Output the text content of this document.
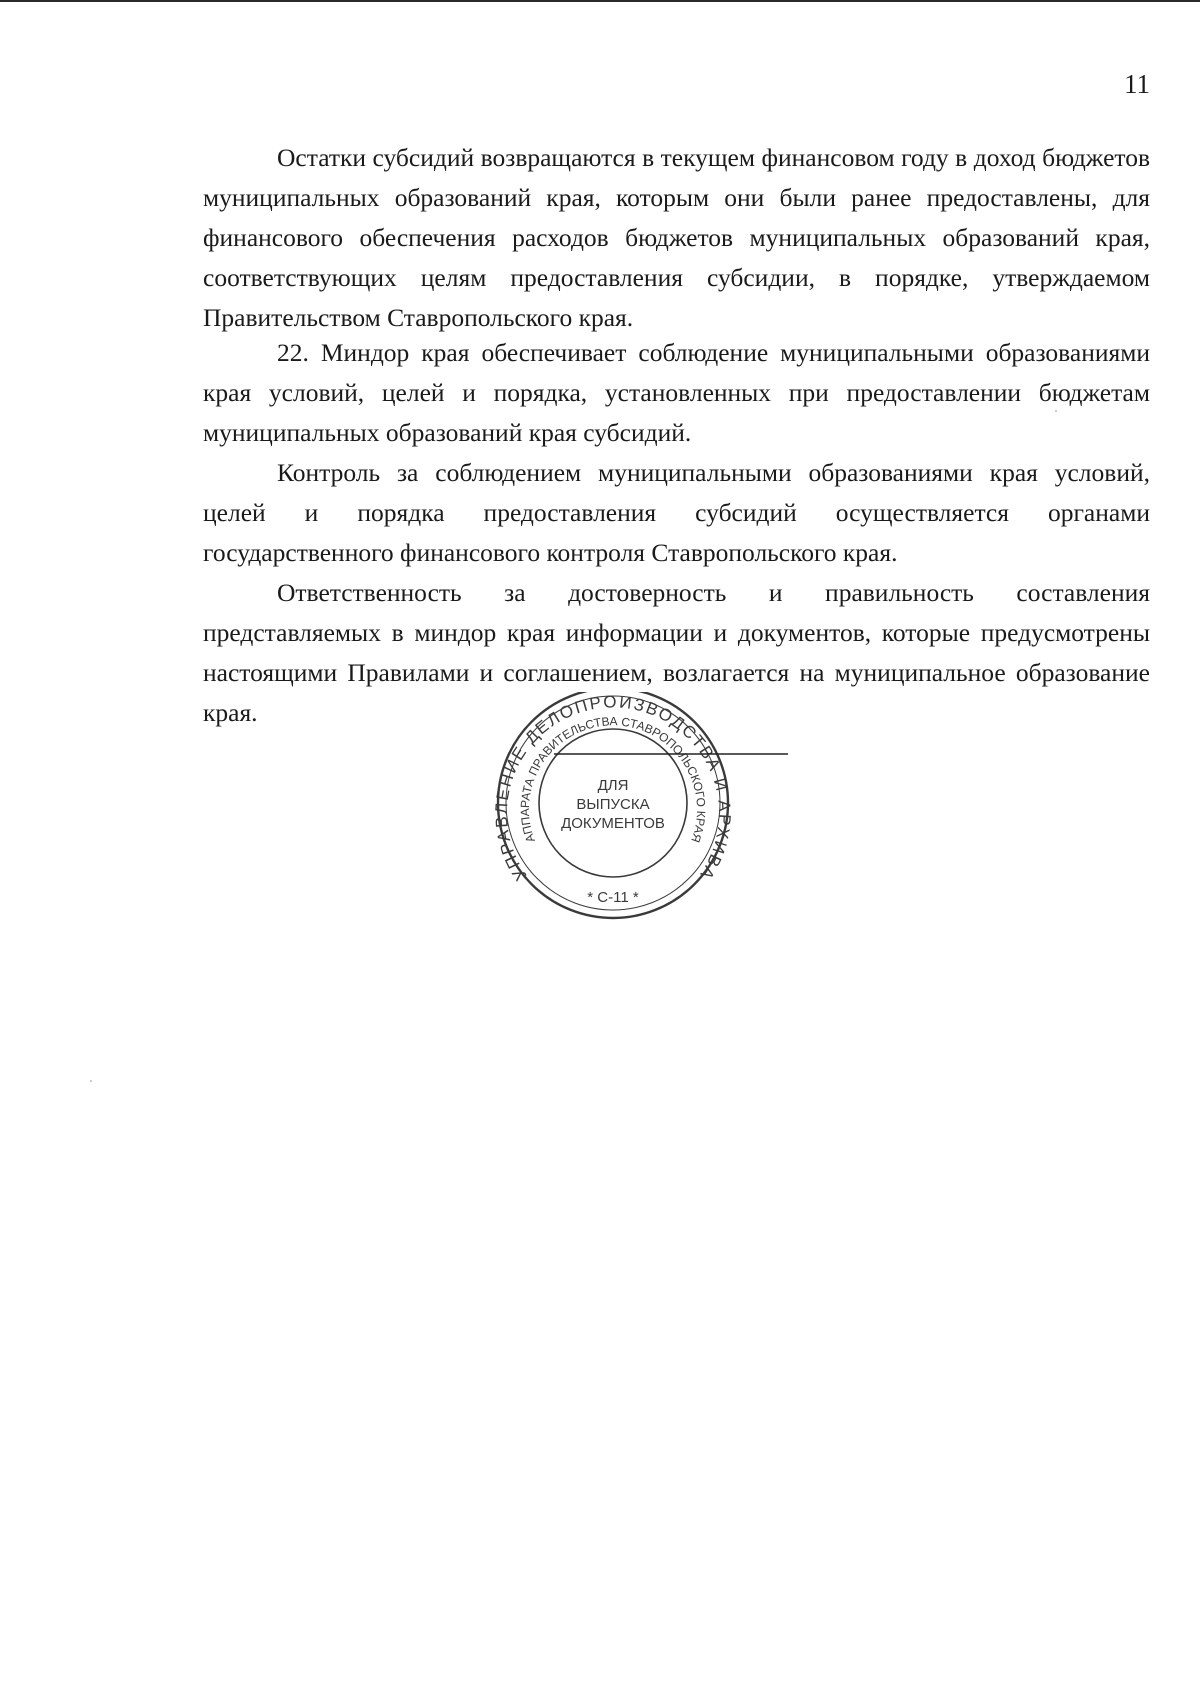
11

Остатки субсидий возвращаются в текущем финансовом году в доход бюджетов муниципальных образований края, которым они были ранее предоставлены, для финансового обеспечения расходов бюджетов муниципальных образований края, соответствующих целям предоставления субсидии, в порядке, утверждаемом Правительством Ставропольского края.

22. Миндор края обеспечивает соблюдение муниципальными образованиями края условий, целей и порядка, установленных при предоставлении бюджетам муниципальных образований края субсидий.

Контроль за соблюдением муниципальными образованиями края условий, целей и порядка предоставления субсидий осуществляется органами государственного финансового контроля Ставропольского края.

Ответственность за достоверность и правильность составления представляемых в миндор края информации и документов, которые предусмотрены настоящими Правилами и соглашением, возлагается на муниципальное образование края.

УПРАВЛЕНИЕ ДЕЛОПРОИЗВОДСТВА И АРХИВА
АППАРАТА ПРАВИТЕЛЬСТВА СТАВРОПОЛЬСКОГО КРАЯ
ДЛЯ
ВЫПУСКА
ДОКУМЕНТОВ
* С-11 *
